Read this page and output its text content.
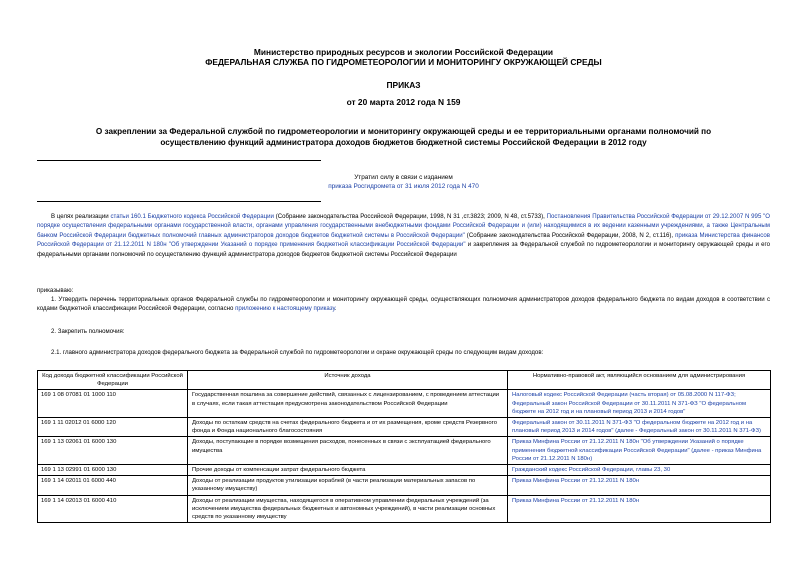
Министерство природных ресурсов и экологии Российской Федерации
ФЕДЕРАЛЬНАЯ СЛУЖБА ПО ГИДРОМЕТЕОРОЛОГИИ И МОНИТОРИНГУ ОКРУЖАЮЩЕЙ СРЕДЫ
ПРИКАЗ
от 20 марта 2012 года N 159
О закреплении за Федеральной службой по гидрометеорологии и мониторингу окружающей среды и ее территориальными органами полномочий по
осуществлению функций администратора доходов бюджетов бюджетной системы Российской Федерации в 2012 году
Утратил силу в связи с изданием
приказа Росгидромета от 31 июля 2012 года N 470
В целях реализации статьи 160.1 Бюджетного кодекса Российской Федерации (Собрание законодательства Российской Федерации, 1998, N 31 ,ст.3823; 2009, N 48, ст.5733), Постановления Правительства Российской Федерации от 29.12.2007 N 995 "О порядке осуществления федеральными органами государственной власти, органами управления государственными внебюджетными фондами Российской Федерации и (или) находящимися в их ведении казенными учреждениями, а также Центральным банком Российской Федерации бюджетных полномочий главных администраторов доходов бюджетов бюджетной системы в Российской Федерации" (Собрание законодательства Российской Федерации, 2008, N 2, ст.116), приказа Министерства финансов Российской Федерации от 21.12.2011 N 180н "Об утверждении Указаний о порядке применения бюджетной классификации Российской Федерации" и закрепления за Федеральной службой по гидрометеорологии и мониторингу окружающей среды и его федеральными органами полномочий по осуществлению функций администратора доходов бюджетов бюджетной системы Российской Федерации
приказываю:
1. Утвердить перечень территориальных органов Федеральной службы по гидрометеорологии и мониторингу окружающей среды, осуществляющих полномочия администраторов доходов федерального бюджета по видам доходов в соответствии с кодами бюджетной классификации Российской Федерации, согласно приложению к настоящему приказу.
2. Закрепить полномочия:
2.1. главного администратора доходов федерального бюджета за Федеральной службой по гидрометеорологии и охране окружающей среды по следующим видам доходов:
Код дохода бюджетной классификации Российской Федерации	Источник дохода	Нормативно-правовой акт, являющийся основанием для администрирования
169 1 08 07081 01 1000 110	Государственная пошлина за совершение действий, связанных с лицензированием, с проведением аттестации в случаях, если такая аттестация предусмотрена законодательством Российской Федерации	Налоговый кодекс Российской Федерации (часть вторая) от 05.08.2000 N 117-ФЗ; Федеральный закон Российской Федерации от 30.11.2011 N 371-ФЗ "О федеральном бюджете на 2012 год и на плановый период 2013 и 2014 годов"
169 1 11 02012 01 6000 120	Доходы по остаткам средств на счетах федерального бюджета и от их размещения, кроме средств Резервного фонда и Фонда национального благосостояния	Федеральный закон от 30.11.2011 N 371-ФЗ "О федеральном бюджете на 2012 год и на плановый период 2013 и 2014 годов" (далее - Федеральный закон от 30.11.2011 N 371-ФЗ)
169 1 13 02061 01 6000 130	Доходы, поступающие в порядке возмещения расходов, понесенных в связи с эксплуатацией федерального имущества	Приказ Минфина России от 21.12.2011 N 180н "Об утверждении Указаний о порядке применения бюджетной классификации Российской Федерации" (далее - приказ Минфина России от 21.12.2011 N 180н)
169 1 13 02991 01 6000 130	Прочие доходы от компенсации затрат федерального бюджета	Гражданский кодекс Российской Федерации, главы 23, 30
169 1 14 02011 01 6000 440	Доходы от реализации продуктов утилизации кораблей (в части реализации материальных запасов по указанному имуществу)	Приказ Минфина России от 21.12.2011 N 180н
169 1 14 02013 01 6000 410	Доходы от реализации имущества, находящегося в оперативном управлении федеральных учреждений (за исключением имущества федеральных бюджетных и автономных учреждений), в части реализации основных средств по указанному имуществу	Приказ Минфина России от 21.12.2011 N 180н
